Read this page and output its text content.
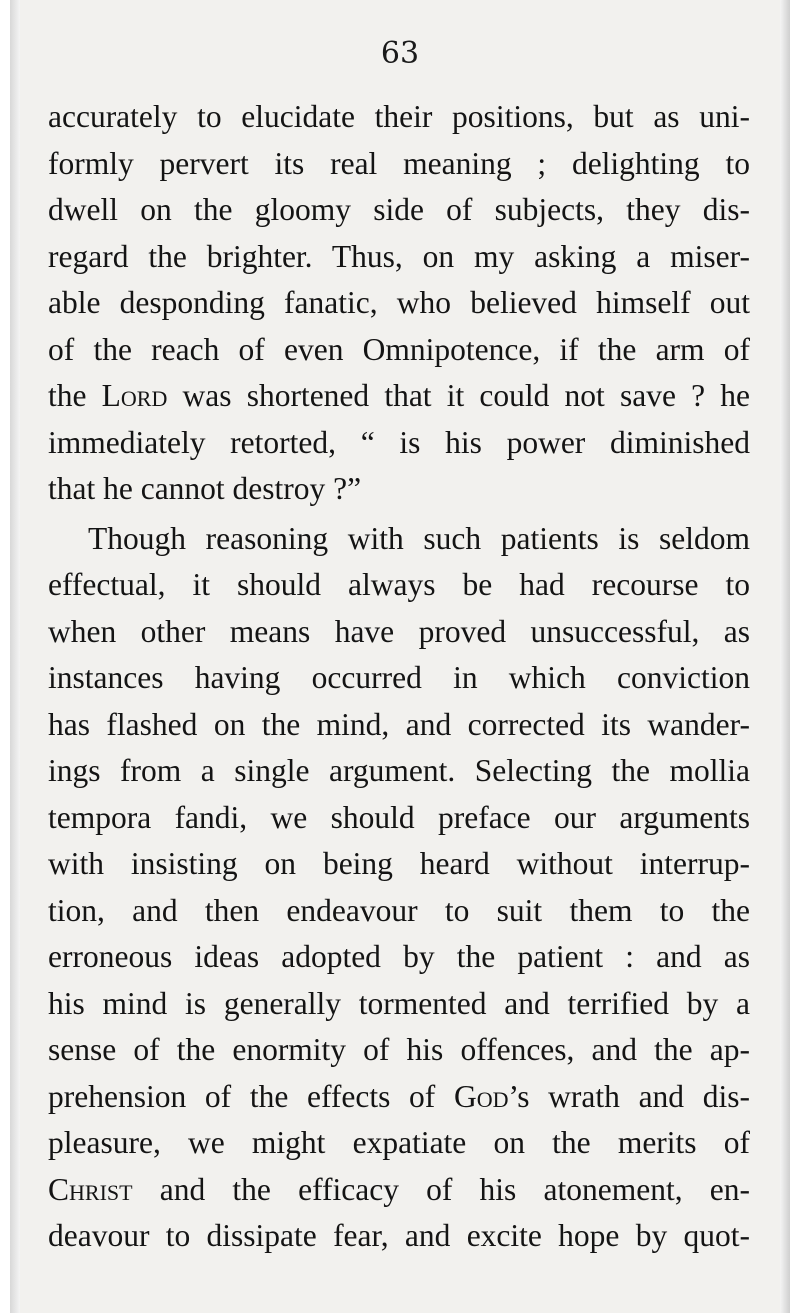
63
accurately to elucidate their positions, but as uni-
formly pervert its real meaning ; delighting to
dwell on the gloomy side of subjects, they dis-
regard the brighter. Thus, on my asking a miser-
able desponding fanatic, who believed himself out
of the reach of even Omnipotence, if the arm of
the Lord was shortened that it could not save ? he
immediately retorted, “ is his power diminished
that he cannot destroy ?”
Though reasoning with such patients is seldom
effectual, it should always be had recourse to
when other means have proved unsuccessful, as
instances having occurred in which conviction
has flashed on the mind, and corrected its wander-
ings from a single argument. Selecting the mollia
tempora fandi, we should preface our arguments
with insisting on being heard without interrup-
tion, and then endeavour to suit them to the
erroneous ideas adopted by the patient : and as
his mind is generally tormented and terrified by a
sense of the enormity of his offences, and the ap-
prehension of the effects of God’s wrath and dis-
pleasure, we might expatiate on the merits of
Christ and the efficacy of his atonement, en-
deavour to dissipate fear, and excite hope by quot-
